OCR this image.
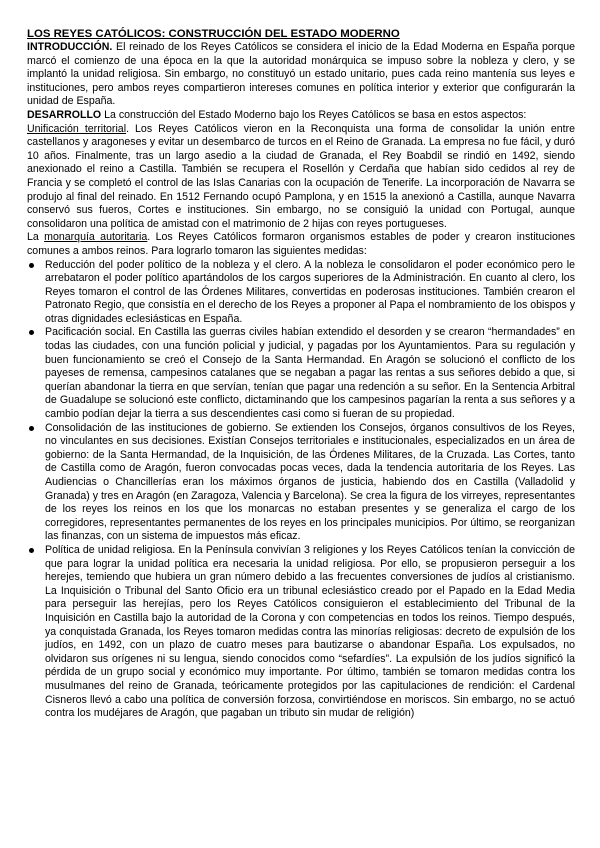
LOS REYES CATÓLICOS: CONSTRUCCIÓN DEL ESTADO MODERNO

INTRODUCCIÓN. El reinado de los Reyes Católicos se considera el inicio de la Edad Moderna en España porque marcó el comienzo de una época en la que la autoridad monárquica se impuso sobre la nobleza y clero, y se implantó la unidad religiosa. Sin embargo, no constituyó un estado unitario, pues cada reino mantenía sus leyes e instituciones, pero ambos reyes compartieron intereses comunes en política interior y exterior que configurarán la unidad de España.

DESARROLLO La construcción del Estado Moderno bajo los Reyes Católicos se basa en estos aspectos:

Unificación territorial. Los Reyes Católicos vieron en la Reconquista una forma de consolidar la unión entre castellanos y aragoneses y evitar un desembarco de turcos en el Reino de Granada. La empresa no fue fácil, y duró 10 años. Finalmente, tras un largo asedio a la ciudad de Granada, el Rey Boabdil se rindió en 1492, siendo anexionado el reino a Castilla. También se recupera el Rosellón y Cerdaña que habían sido cedidos al rey de Francia y se completó el control de las Islas Canarias con la ocupación de Tenerife. La incorporación de Navarra se produjo al final del reinado. En 1512 Fernando ocupó Pamplona, y en 1515 la anexionó a Castilla, aunque Navarra conservó sus fueros, Cortes e instituciones. Sin embargo, no se consiguió la unidad con Portugal, aunque consolidaron una política de amistad con el matrimonio de 2 hijas con reyes portugueses.

La monarquía autoritaria. Los Reyes Católicos formaron organismos estables de poder y crearon instituciones comunes a ambos reinos. Para lograrlo tomaron las siguientes medidas:

Reducción del poder político de la nobleza y el clero. A la nobleza le consolidaron el poder económico pero le arrebataron el poder político apartándolos de los cargos superiores de la Administración. En cuanto al clero, los Reyes tomaron el control de las Órdenes Militares, convertidas en poderosas instituciones. También crearon el Patronato Regio, que consistía en el derecho de los Reyes a proponer al Papa el nombramiento de los obispos y otras dignidades eclesiásticas en España.
Pacificación social. En Castilla las guerras civiles habían extendido el desorden y se crearon “hermandades” en todas las ciudades, con una función policial y judicial, y pagadas por los Ayuntamientos. Para su regulación y buen funcionamiento se creó el Consejo de la Santa Hermandad. En Aragón se solucionó el conflicto de los payeses de remensa, campesinos catalanes que se negaban a pagar las rentas a sus señores debido a que, si querían abandonar la tierra en que servían, tenían que pagar una redención a su señor. En la Sentencia Arbitral de Guadalupe se solucionó este conflicto, dictaminando que los campesinos pagarían la renta a sus señores y a cambio podían dejar la tierra a sus descendientes casi como si fueran de su propiedad.
Consolidación de las instituciones de gobierno. Se extienden los Consejos, órganos consultivos de los Reyes, no vinculantes en sus decisiones. Existían Consejos territoriales e institucionales, especializados en un área de gobierno: de la Santa Hermandad, de la Inquisición, de las Órdenes Militares, de la Cruzada. Las Cortes, tanto de Castilla como de Aragón, fueron convocadas pocas veces, dada la tendencia autoritaria de los Reyes. Las Audiencias o Chancillerías eran los máximos órganos de justicia, habiendo dos en Castilla (Valladolid y Granada) y tres en Aragón (en Zaragoza, Valencia y Barcelona). Se crea la figura de los virreyes, representantes de los reyes los reinos en los que los monarcas no estaban presentes y se generaliza el cargo de los corregidores, representantes permanentes de los reyes en los principales municipios. Por último, se reorganizan las finanzas, con un sistema de impuestos más eficaz.
Política de unidad religiosa. En la Península convivían 3 religiones y los Reyes Católicos tenían la convicción de que para lograr la unidad política era necesaria la unidad religiosa. Por ello, se propusieron perseguir a los herejes, temiendo que hubiera un gran número debido a las frecuentes conversiones de judíos al cristianismo. La Inquisición o Tribunal del Santo Oficio era un tribunal eclesiástico creado por el Papado en la Edad Media para perseguir las herejías, pero los Reyes Católicos consiguieron el establecimiento del Tribunal de la Inquisición en Castilla bajo la autoridad de la Corona y con competencias en todos los reinos. Tiempo después, ya conquistada Granada, los Reyes tomaron medidas contra las minorías religiosas: decreto de expulsión de los judíos, en 1492, con un plazo de cuatro meses para bautizarse o abandonar España. Los expulsados, no olvidaron sus orígenes ni su lengua, siendo conocidos como “sefardíes”. La expulsión de los judíos significó la pérdida de un grupo social y económico muy importante. Por último, también se tomaron medidas contra los musulmanes del reino de Granada, teóricamente protegidos por las capitulaciones de rendición: el Cardenal Cisneros llevó a cabo una política de conversión forzosa, convirtiéndose en moriscos. Sin embargo, no se actuó contra los mudéjares de Aragón, que pagaban un tributo sin mudar de religión)
